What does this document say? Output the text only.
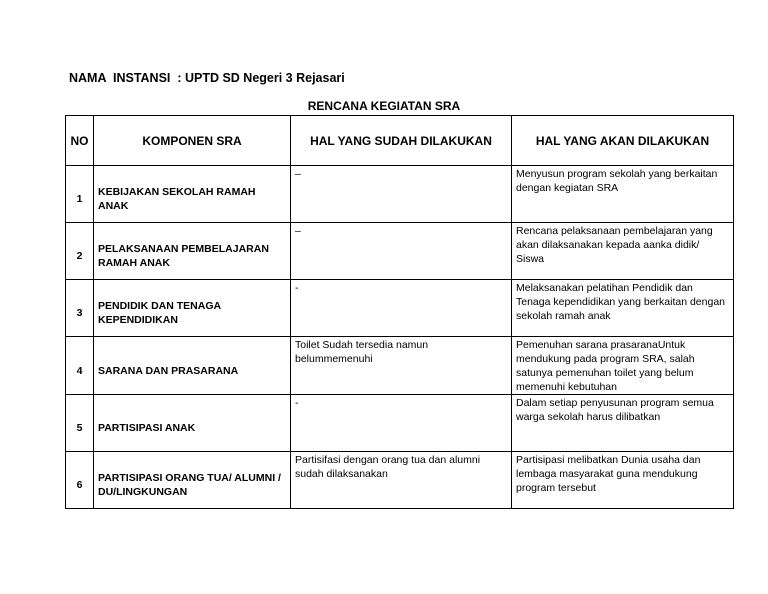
NAMA  INSTANSI  : UPTD SD Negeri 3 Rejasari
RENCANA KEGIATAN SRA
NO	KOMPONEN SRA	HAL YANG SUDAH DILAKUKAN	HAL YANG AKAN DILAKUKAN

1	KEBIJAKAN SEKOLAH RAMAH ANAK	–	Menyusun program sekolah yang berkaitan dengan kegiatan SRA

2	PELAKSANAAN PEMBELAJARAN RAMAH ANAK	–	Rencana pelaksanaan pembelajaran yang akan dilaksanakan kepada aanka didik/ Siswa

3	PENDIDIK DAN TENAGA KEPENDIDIKAN	-	Melaksanakan pelatihan Pendidik dan Tenaga kependidikan yang berkaitan dengan sekolah ramah anak

4	SARANA DAN PRASARANA	Toilet Sudah tersedia namun belummemenuhi	Pemenuhan sarana prasaranaUntuk mendukung pada program SRA, salah satunya pemenuhan toilet yang belum memenuhi kebutuhan

5	PARTISIPASI ANAK	-	Dalam setiap penyusunan program semua warga sekolah harus dilibatkan

6	PARTISIPASI ORANG TUA/ ALUMNI / DU/LINGKUNGAN	Partisifasi dengan orang tua dan alumni sudah dilaksanakan	Partisipasi melibatkan Dunia usaha dan lembaga masyarakat guna mendukung program tersebut
